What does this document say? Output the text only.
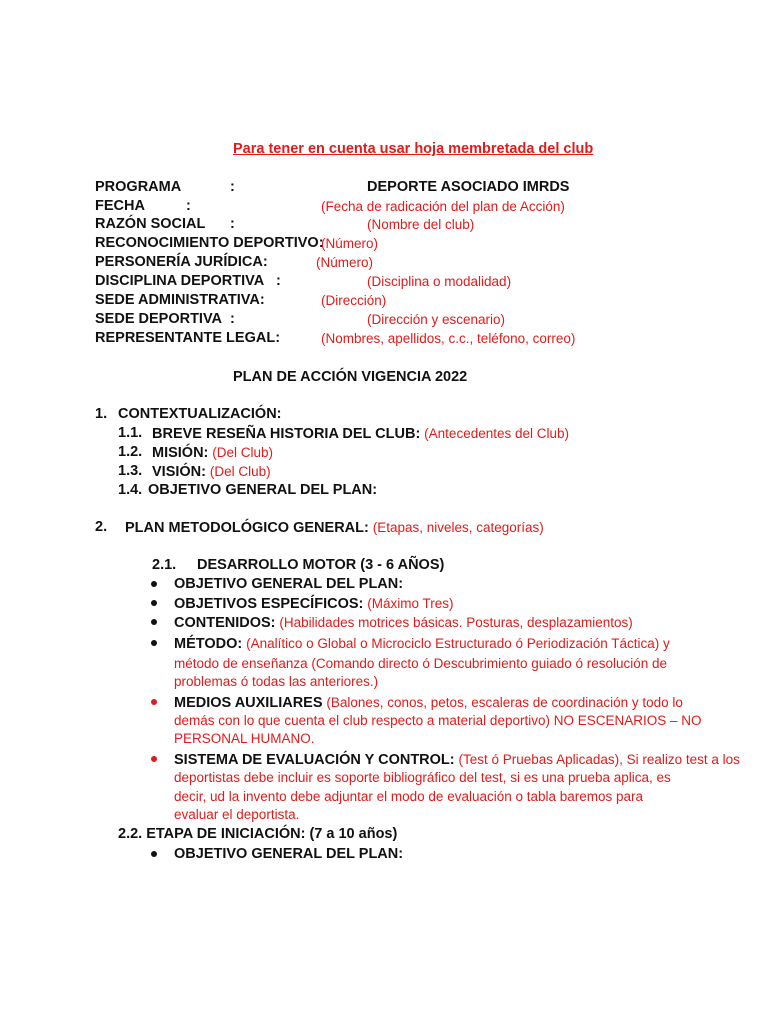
Para tener en cuenta usar hoja membretada del club
PROGRAMA	:	DEPORTE ASOCIADO IMRDS
FECHA	:	(Fecha de radicación del plan de Acción)
RAZÓN SOCIAL :	(Nombre del club)
RECONOCIMIENTO DEPORTIVO:
(Número)
PERSONERÍA JURÍDICA:	(Número)
DISCIPLINA DEPORTIVA :	(Disciplina o modalidad)
SEDE ADMINISTRATIVA:	(Dirección)
SEDE DEPORTIVA :	(Dirección y escenario)
REPRESENTANTE LEGAL:	(Nombres, apellidos, c.c., teléfono, correo)
PLAN DE ACCIÓN VIGENCIA 2022
1. CONTEXTUALIZACIÓN:
1.1. BREVE RESEÑA HISTORIA DEL CLUB: (Antecedentes del Club)
1.2. MISIÓN: (Del Club)
1.3. VISIÓN: (Del Club)
1.4. OBJETIVO GENERAL DEL PLAN:
2. PLAN METODOLÓGICO GENERAL: (Etapas, niveles, categorías)
2.1. DESARROLLO MOTOR (3 - 6 AÑOS)
OBJETIVO GENERAL DEL PLAN:
OBJETIVOS ESPECÍFICOS: (Máximo Tres)
CONTENIDOS: (Habilidades motrices básicas. Posturas, desplazamientos)
MÉTODO: (Analítico o Global o Microciclo Estructurado ó Periodización Táctica) y
método de enseñanza (Comando directo ó Descubrimiento guiado ó resolución de
problemas ó todas las anteriores.)
MEDIOS AUXILIARES (Balones, conos, petos, escaleras de coordinación y todo lo
demás con lo que cuenta el club respecto a material deportivo) NO ESCENARIOS – NO
PERSONAL HUMANO.
SISTEMA DE EVALUACIÓN Y CONTROL: (Test ó Pruebas Aplicadas), Si realizo test a los
deportistas debe incluir es soporte bibliográfico del test, si es una prueba aplica, es
decir, ud la invento debe adjuntar el modo de evaluación o tabla baremos para
evaluar el deportista.
2.2. ETAPA DE INICIACIÓN: (7 a 10 años)
OBJETIVO GENERAL DEL PLAN:
